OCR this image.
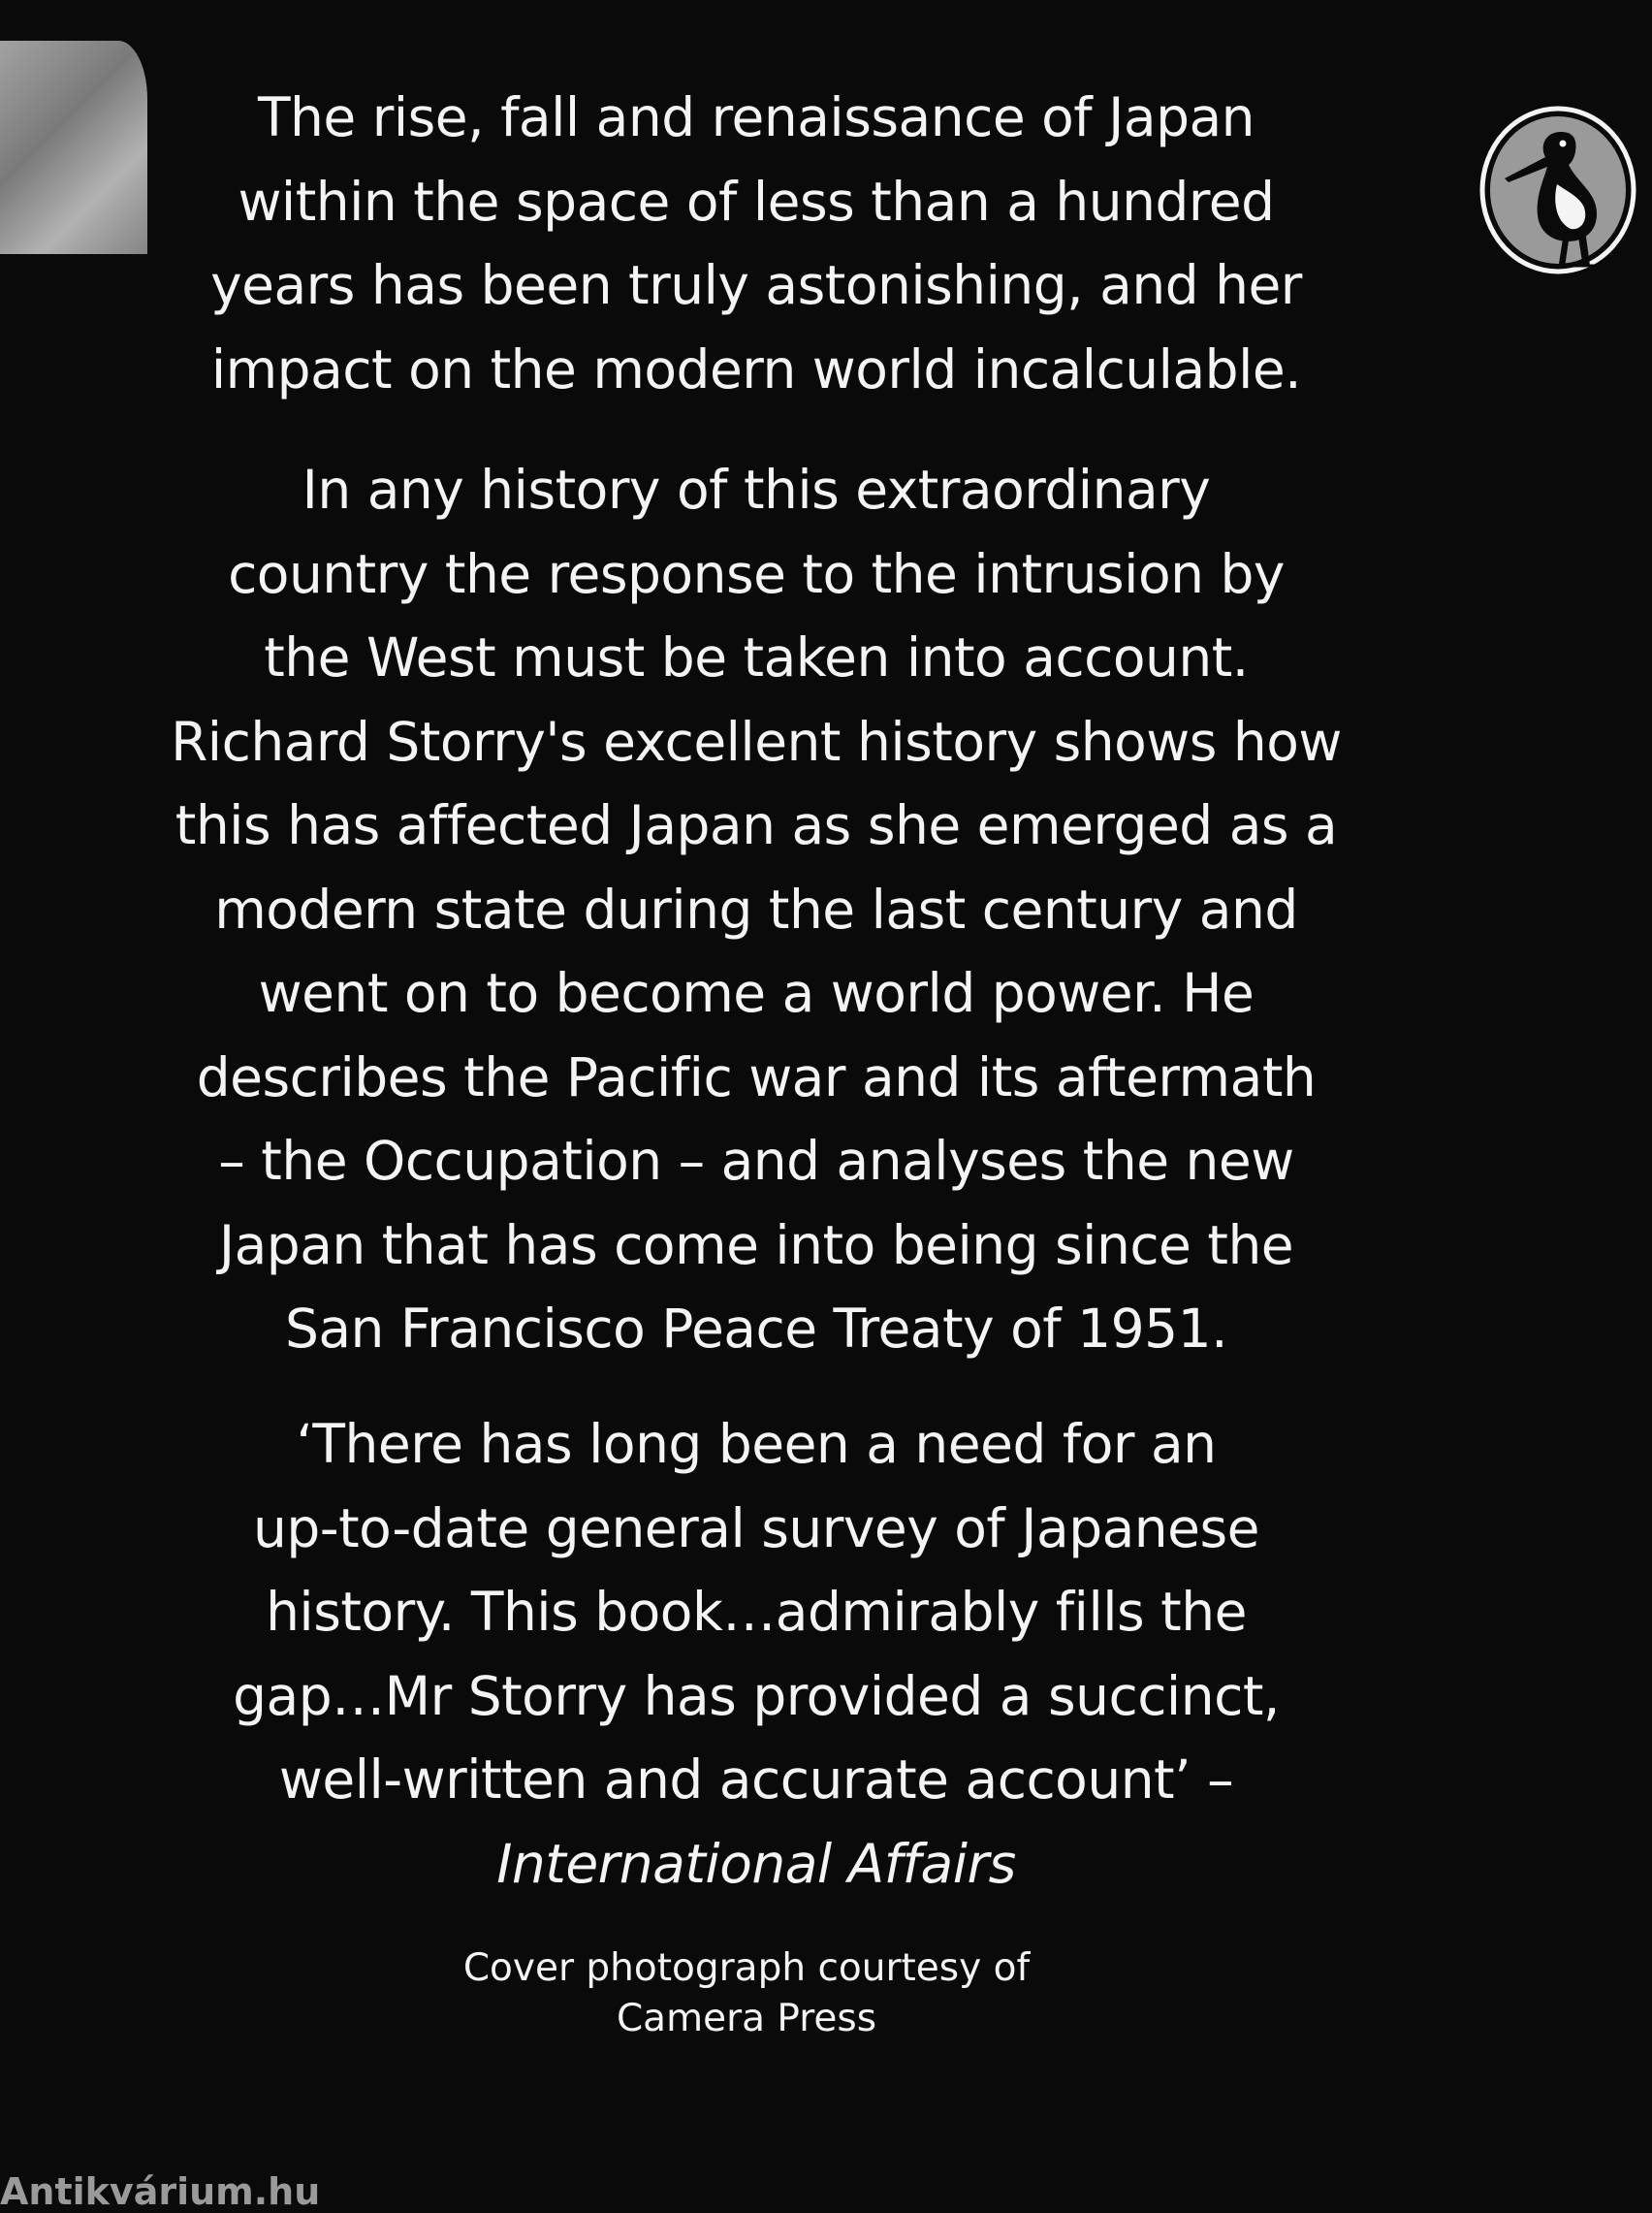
The rise, fall and renaissance of Japan
within the space of less than a hundred
years has been truly astonishing, and her
impact on the modern world incalculable.
In any history of this extraordinary
country the response to the intrusion by
the West must be taken into account.
Richard Storry's excellent history shows how
this has affected Japan as she emerged as a
modern state during the last century and
went on to become a world power. He
describes the Pacific war and its aftermath
– the Occupation – and analyses the new
Japan that has come into being since the
San Francisco Peace Treaty of 1951.
‘There has long been a need for an
up-to-date general survey of Japanese
history. This book…admirably fills the
gap…Mr Storry has provided a succinct,
well-written and accurate account’ –
International Affairs
Cover photograph courtesy of
Camera Press
Antikvárium.hu
